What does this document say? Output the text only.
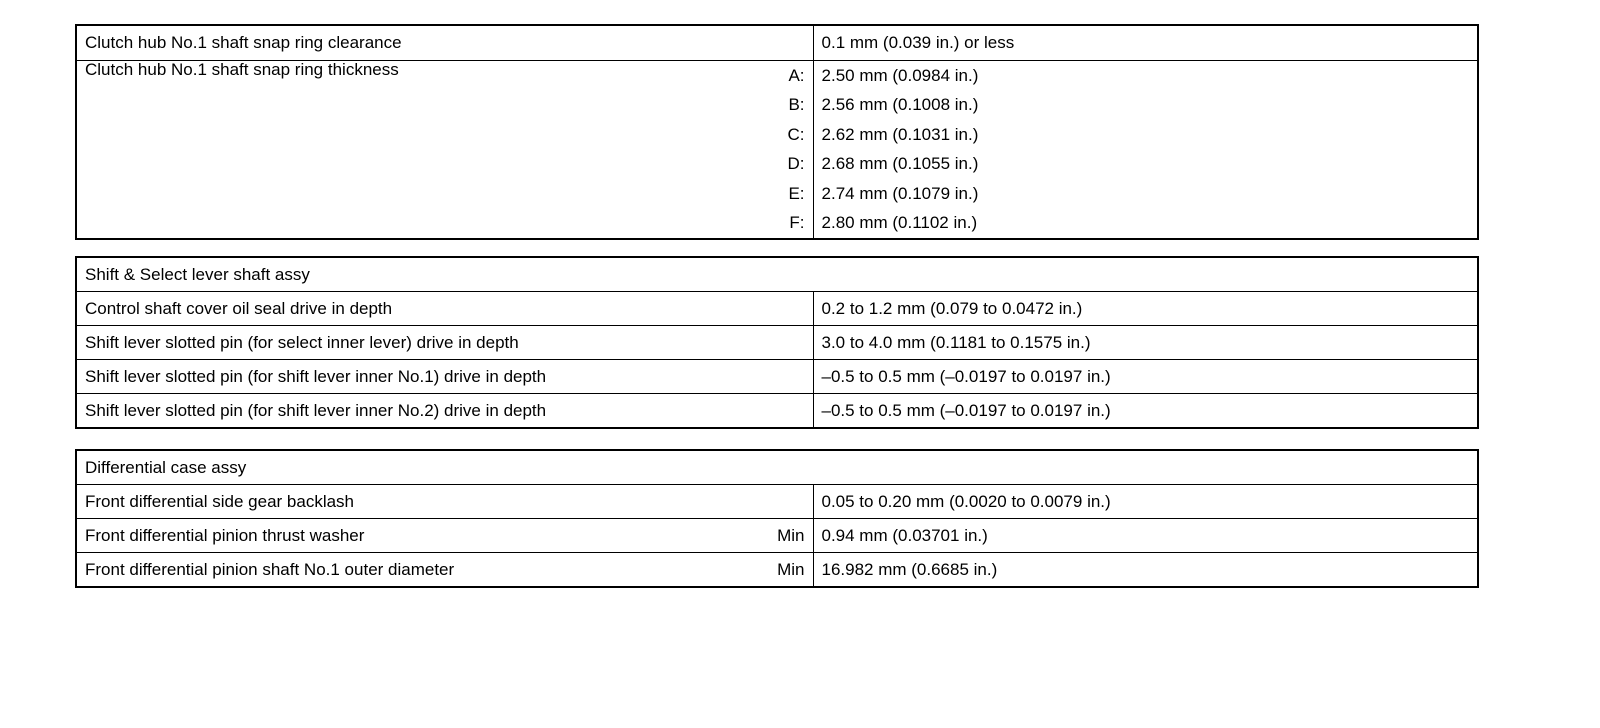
Clutch hub No.1 shaft snap ring clearance		0.1 mm (0.039 in.) or less
Clutch hub No.1 shaft snap ring thickness	A:	2.50 mm (0.0984 in.)
	B:	2.56 mm (0.1008 in.)
	C:	2.62 mm (0.1031 in.)
	D:	2.68 mm (0.1055 in.)
	E:	2.74 mm (0.1079 in.)
	F:	2.80 mm (0.1102 in.)
Shift & Select lever shaft assy	
Control shaft cover oil seal drive in depth	0.2 to 1.2 mm (0.079 to 0.0472 in.)
Shift lever slotted pin (for select inner lever) drive in depth	3.0 to 4.0 mm (0.1181 to 0.1575 in.)
Shift lever slotted pin (for shift lever inner No.1) drive in depth	–0.5 to 0.5 mm (–0.0197 to 0.0197 in.)
Shift lever slotted pin (for shift lever inner No.2) drive in depth	–0.5 to 0.5 mm (–0.0197 to 0.0197 in.)
Differential case assy		
Front differential side gear backlash		0.05 to 0.20 mm (0.0020 to 0.0079 in.)
Front differential pinion thrust washer	Min	0.94 mm (0.03701 in.)
Front differential pinion shaft No.1 outer diameter	Min	16.982 mm (0.6685 in.)
